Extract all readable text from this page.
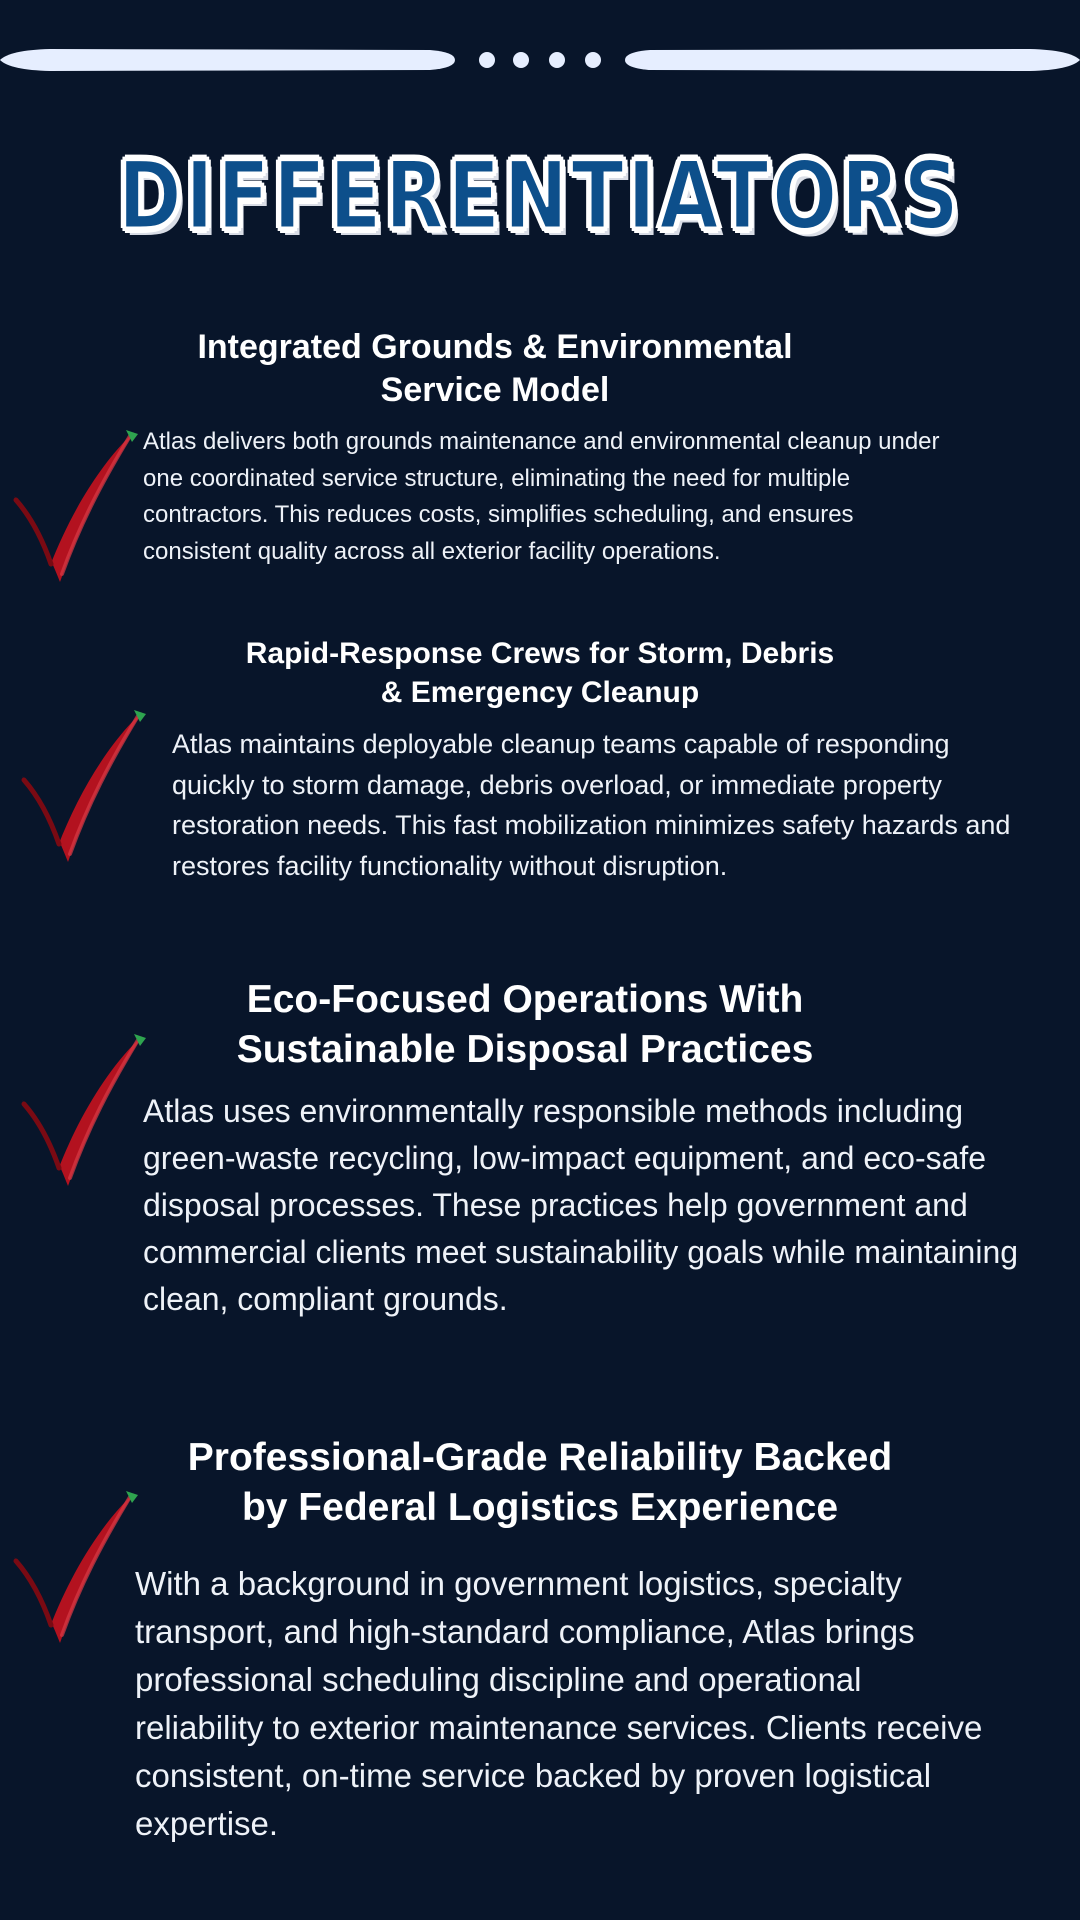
DIFFERENTIATORS
Integrated Grounds & Environmental
Service Model

Atlas delivers both grounds maintenance and environmental cleanup under one coordinated service structure, eliminating the need for multiple contractors. This reduces costs, simplifies scheduling, and ensures consistent quality across all exterior facility operations.

Rapid-Response Crews for Storm, Debris
& Emergency Cleanup

Atlas maintains deployable cleanup teams capable of responding quickly to storm damage, debris overload, or immediate property restoration needs. This fast mobilization minimizes safety hazards and restores facility functionality without disruption.

Eco-Focused Operations With
Sustainable Disposal Practices

Atlas uses environmentally responsible methods including green-waste recycling, low-impact equipment, and eco-safe disposal processes. These practices help government and commercial clients meet sustainability goals while maintaining clean, compliant grounds.

Professional-Grade Reliability Backed
by Federal Logistics Experience

With a background in government logistics, specialty transport, and high-standard compliance, Atlas brings professional scheduling discipline and operational reliability to exterior maintenance services. Clients receive consistent, on-time service backed by proven logistical expertise.
